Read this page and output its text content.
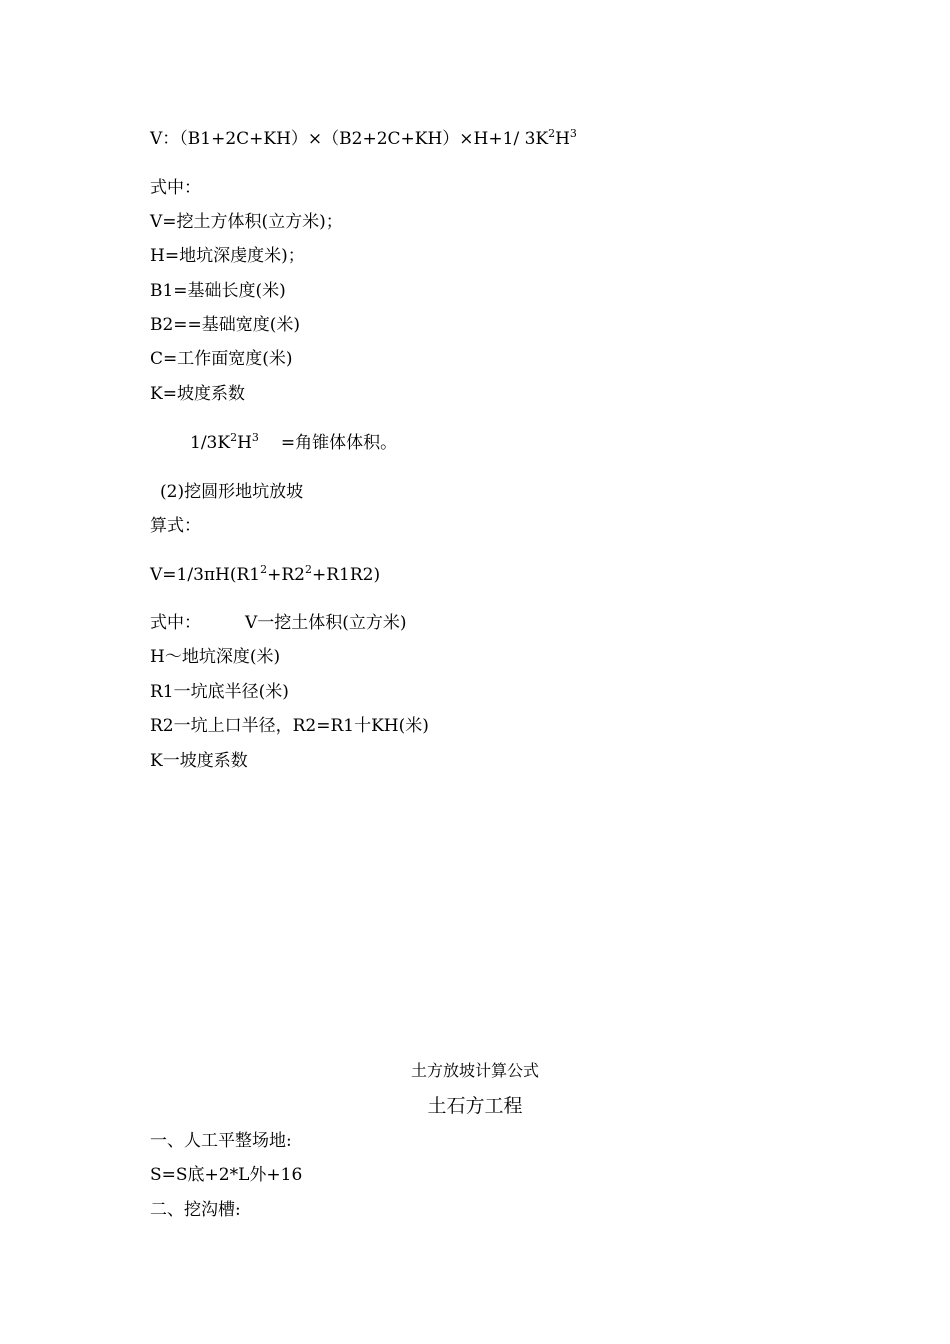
V：（B1+2C+KH）×（B2+2C+KH）×H+1/ $3K^2H^3$
式中：
V=挖土方体积(立方米)；
H=地坑深虔度米)；
B1=基础长度(米)
B2==基础宽度(米)
C=工作面宽度(米)
K=坡度系数
$1/3K^2H^3$ =角锥体体积。
(2)挖圆形地坑放坡
算式：
$V=1/3\pi H(R1^2+R2^2+R1R2)$
式中：	V一挖土体积(立方米)
H～地坑深度(米)
R1一坑底半径(米)
R2一坑上口半径，R2=R1十KH(米)
K一坡度系数
土方放坡计算公式
土石方工程
一、人工平整场地:
S=S底+2*L外+16
二、挖沟槽:
